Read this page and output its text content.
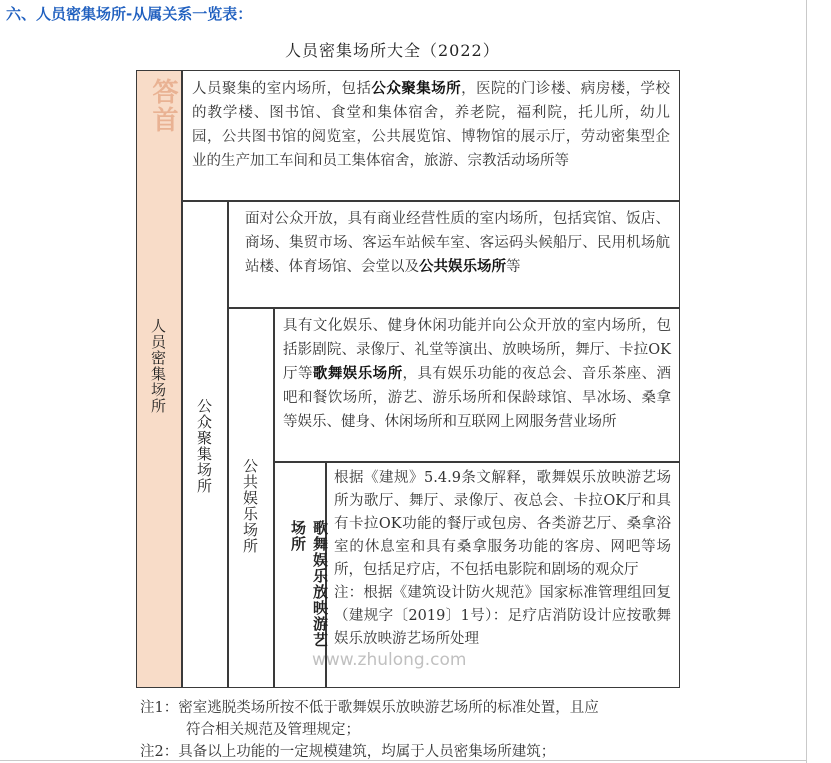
六、人员密集场所-从属关系一览表：
人员密集场所大全（2022）
答首
人员密集场所
公众聚集场所
公共娱乐场所
歌舞娱乐放映游艺场所

人员聚集的室内场所，包括公众聚集场所，医院的门诊楼、病房楼，学校的教学楼、图书馆、食堂和集体宿舍，养老院，福利院，托儿所，幼儿园，公共图书馆的阅览室，公共展览馆、博物馆的展示厅，劳动密集型企业的生产加工车间和员工集体宿舍，旅游、宗教活动场所等

面对公众开放，具有商业经营性质的室内场所，包括宾馆、饭店、商场、集贸市场、客运车站候车室、客运码头候船厅、民用机场航站楼、体育场馆、会堂以及公共娱乐场所等

具有文化娱乐、健身休闲功能并向公众开放的室内场所，包括影剧院、录像厅、礼堂等演出、放映场所，舞厅、卡拉OK厅等歌舞娱乐场所，具有娱乐功能的夜总会、音乐茶座、酒吧和餐饮场所，游艺、游乐场所和保龄球馆、旱冰场、桑拿等娱乐、健身、休闲场所和互联网上网服务营业场所

根据《建规》5.4.9条文解释，歌舞娱乐放映游艺场所为歌厅、舞厅、录像厅、夜总会、卡拉OK厅和具有卡拉OK功能的餐厅或包房、各类游艺厅、桑拿浴室的休息室和具有桑拿服务功能的客房、网吧等场所，包括足疗店，不包括电影院和剧场的观众厅
注：根据《建筑设计防火规范》国家标准管理组回复（建规字〔2019〕1号）：足疗店消防设计应按歌舞娱乐放映游艺场所处理

www.zhulong.com
注1：密室逃脱类场所按不低于歌舞娱乐放映游艺场所的标准处置，且应
符合相关规范及管理规定；
注2：具备以上功能的一定规模建筑，均属于人员密集场所建筑；
